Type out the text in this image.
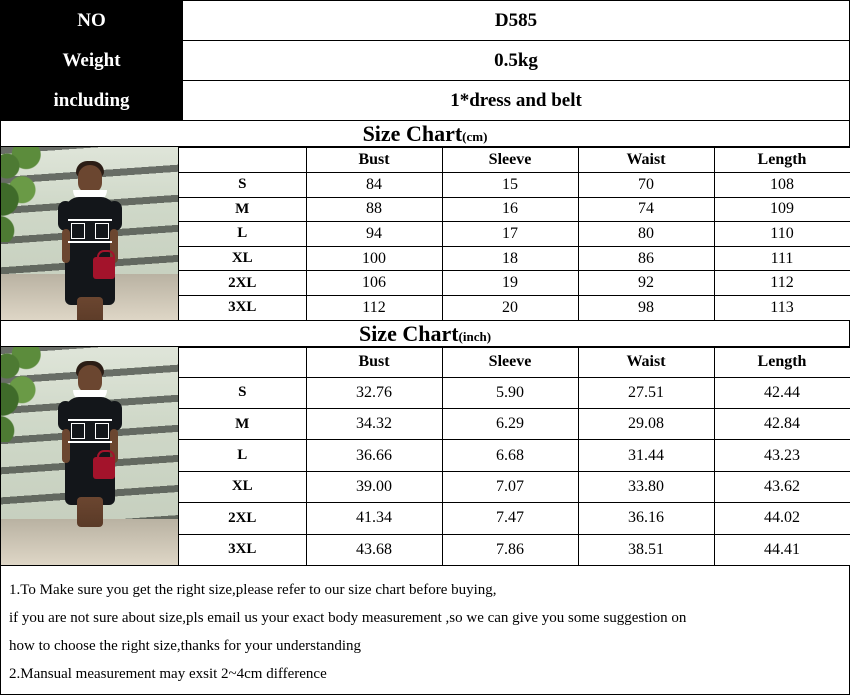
NO	D585
Weight	0.5kg
including	1*dress and belt
Size Chart(cm)
	Bust	Sleeve	Waist	Length
S	84	15	70	108
M	88	16	74	109
L	94	17	80	110
XL	100	18	86	111
2XL	106	19	92	112
3XL	112	20	98	113
Size Chart(inch)
	Bust	Sleeve	Waist	Length
S	32.76	5.90	27.51	42.44
M	34.32	6.29	29.08	42.84
L	36.66	6.68	31.44	43.23
XL	39.00	7.07	33.80	43.62
2XL	41.34	7.47	36.16	44.02
3XL	43.68	7.86	38.51	44.41
1.To Make sure you get the right size,please refer to our size chart before buying,
if you are not sure about size,pls email us your exact body measurement ,so we can give you some suggestion on
how to choose the right size,thanks for your understanding
2.Mansual measurement may exsit 2~4cm difference
